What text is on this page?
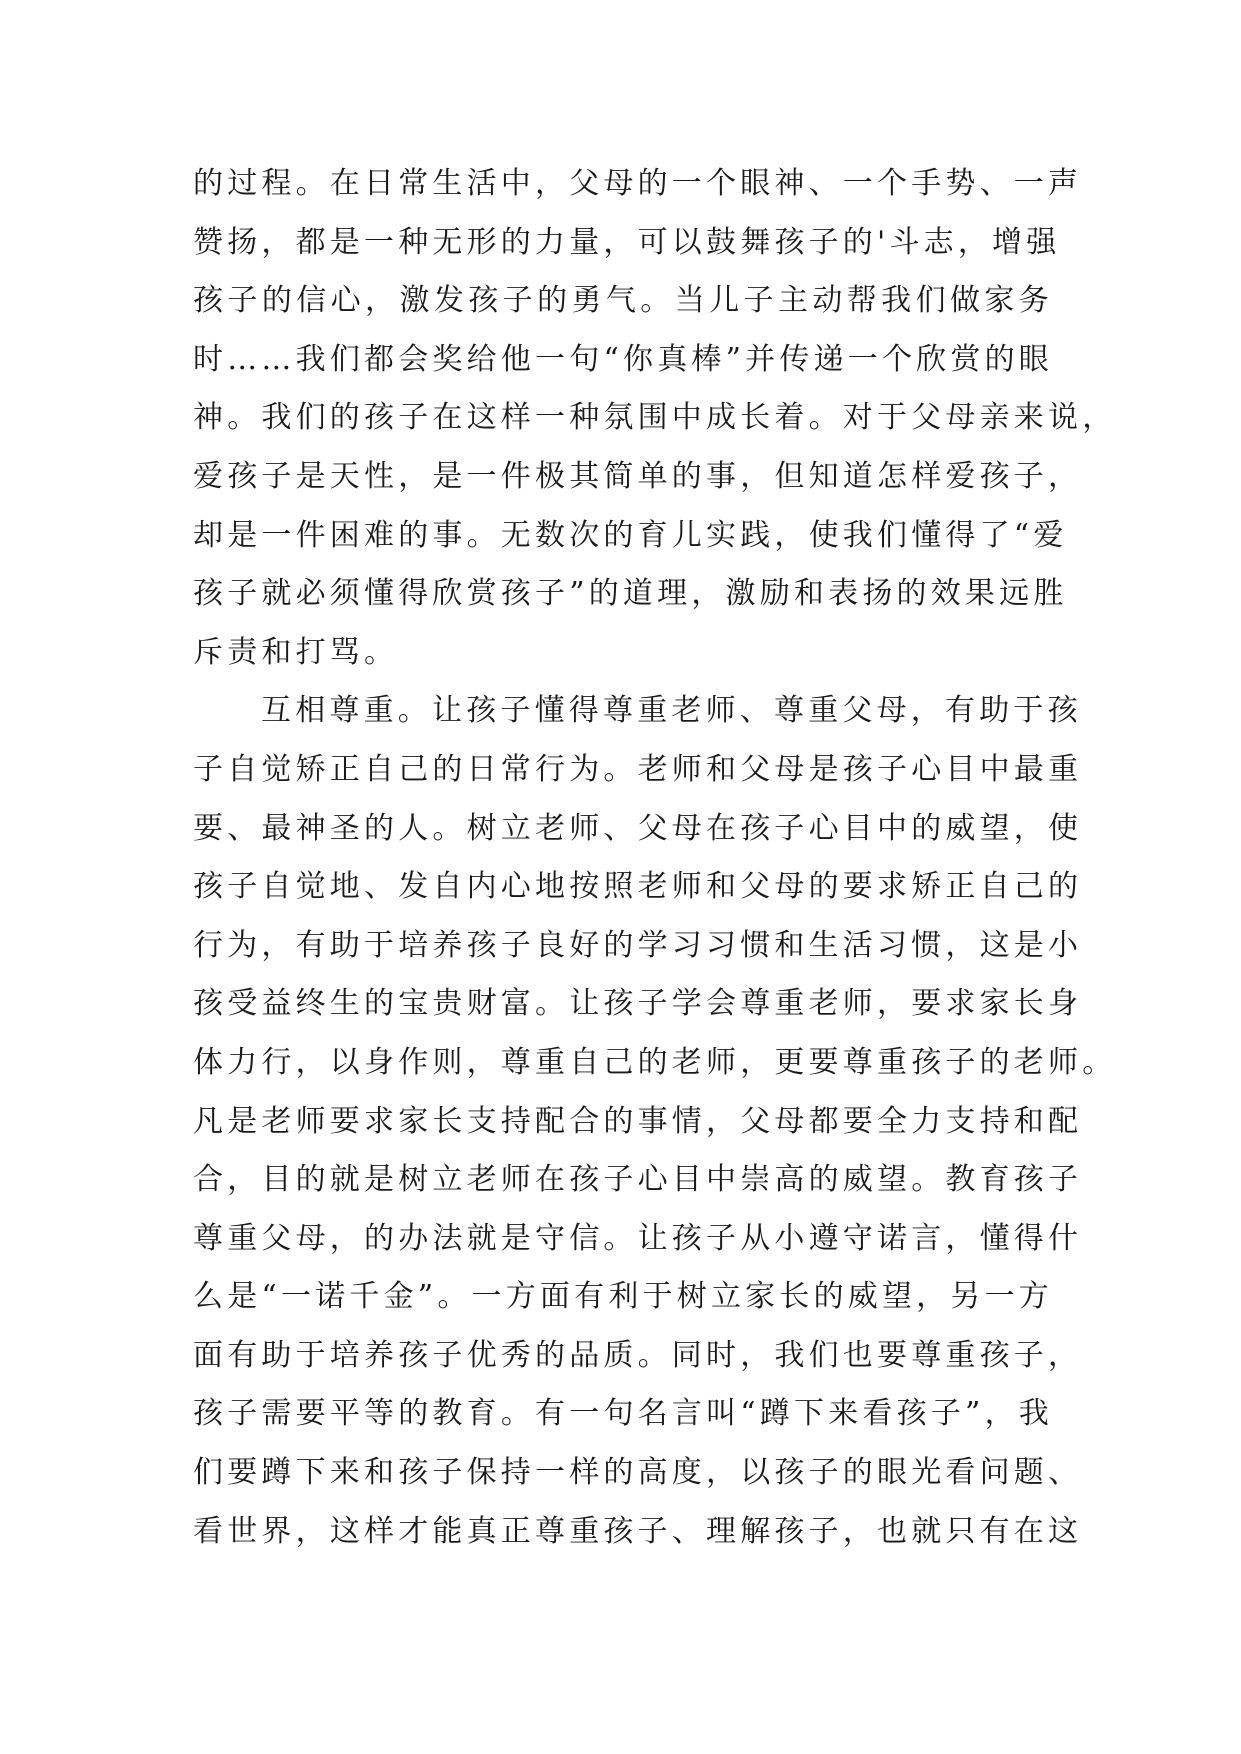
的过程。在日常生活中，父母的一个眼神、一个手势、一声
赞扬，都是一种无形的力量，可以鼓舞孩子的'斗志，增强
孩子的信心，激发孩子的勇气。当儿子主动帮我们做家务
时……我们都会奖给他一句“你真棒”并传递一个欣赏的眼
神。我们的孩子在这样一种氛围中成长着。对于父母亲来说，
爱孩子是天性，是一件极其简单的事，但知道怎样爱孩子，
却是一件困难的事。无数次的育儿实践，使我们懂得了“爱
孩子就必须懂得欣赏孩子”的道理，激励和表扬的效果远胜
斥责和打骂。
互相尊重。让孩子懂得尊重老师、尊重父母，有助于孩
子自觉矫正自己的日常行为。老师和父母是孩子心目中最重
要、最神圣的人。树立老师、父母在孩子心目中的威望，使
孩子自觉地、发自内心地按照老师和父母的要求矫正自己的
行为，有助于培养孩子良好的学习习惯和生活习惯，这是小
孩受益终生的宝贵财富。让孩子学会尊重老师，要求家长身
体力行，以身作则，尊重自己的老师，更要尊重孩子的老师。
凡是老师要求家长支持配合的事情，父母都要全力支持和配
合，目的就是树立老师在孩子心目中崇高的威望。教育孩子
尊重父母，的办法就是守信。让孩子从小遵守诺言，懂得什
么是“一诺千金”。一方面有利于树立家长的威望，另一方
面有助于培养孩子优秀的品质。同时，我们也要尊重孩子，
孩子需要平等的教育。有一句名言叫“蹲下来看孩子”，我
们要蹲下来和孩子保持一样的高度，以孩子的眼光看问题、
看世界，这样才能真正尊重孩子、理解孩子，也就只有在这
